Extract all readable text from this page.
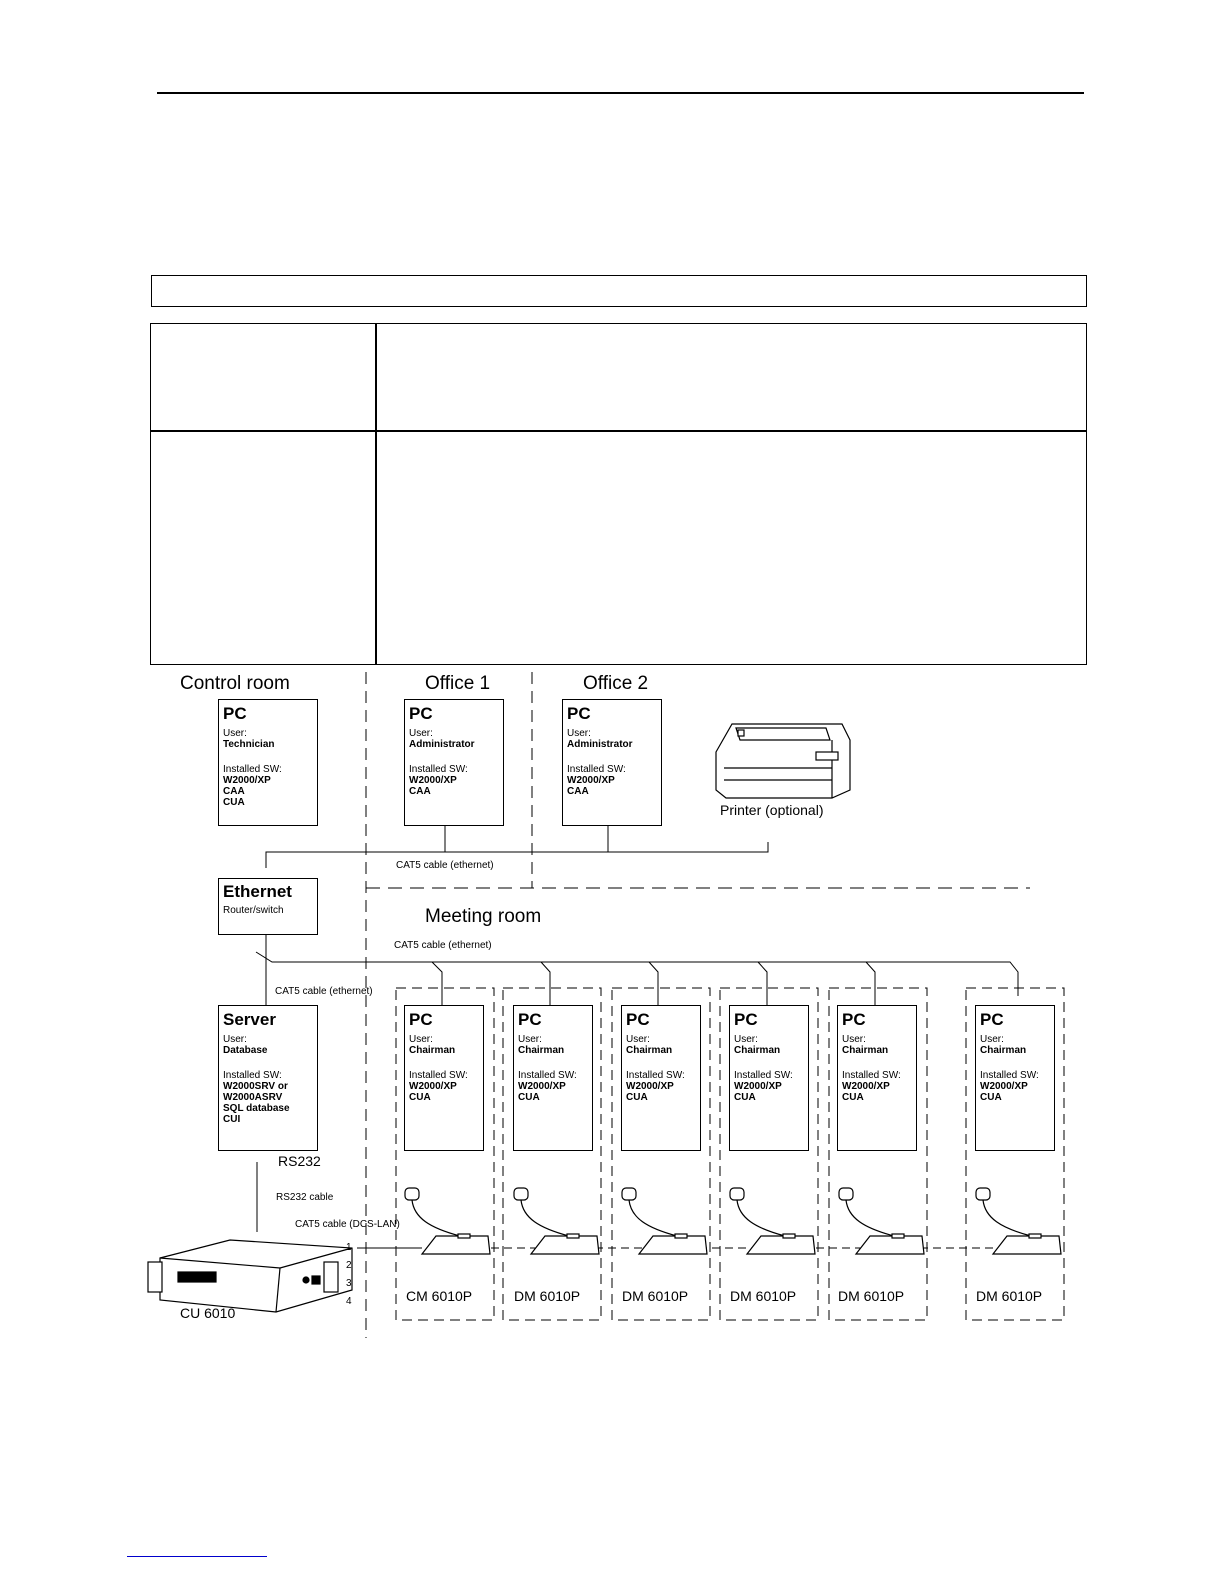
Control room	Office 1	Office 2
Meeting room
PC
User:
Technician
Installed SW:
W2000/XP
CAA
CUA
PC
User:
Administrator
Installed SW:
W2000/XP
CAA
PC
User:
Administrator
Installed SW:
W2000/XP
CAA
Printer (optional)
CAT5 cable (ethernet)
Ethernet
Router/switch
CAT5 cable (ethernet)
CAT5 cable (ethernet)
Server
User:
Database
Installed SW:
W2000SRV or
W2000ASRV
SQL database
CUI
RS232
RS232 cable
CAT5 cable (DCS-LAN)
1
2
3
4
CU 6010
PC
User:
Chairman
Installed SW:
W2000/XP
CUA
PC
User:
Chairman
Installed SW:
W2000/XP
CUA
PC
User:
Chairman
Installed SW:
W2000/XP
CUA
PC
User:
Chairman
Installed SW:
W2000/XP
CUA
PC
User:
Chairman
Installed SW:
W2000/XP
CUA
PC
User:
Chairman
Installed SW:
W2000/XP
CUA
CM 6010P	DM 6010P	DM 6010P	DM 6010P	DM 6010P	DM 6010P
